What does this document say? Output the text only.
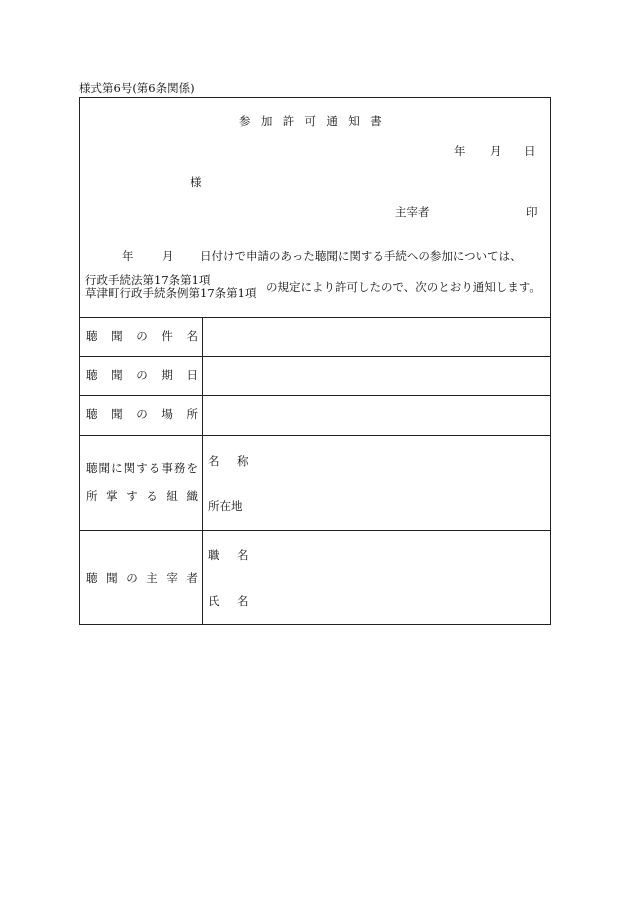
様式第6号(第6条関係)
参加許可通知書
年 月 日
様
主宰者	印
年 月 日付けで申請のあった聴聞に関する手続への参加については、
行政手続法第17条第1項
草津町行政手続条例第17条第1項 の規定により許可したので、次のとおり通知します。
聴聞の件名
聴聞の期日
聴聞の場所
聴聞に関する事務を
所掌する組織
名 称
所在地
聴聞の主宰者
職 名
氏 名
